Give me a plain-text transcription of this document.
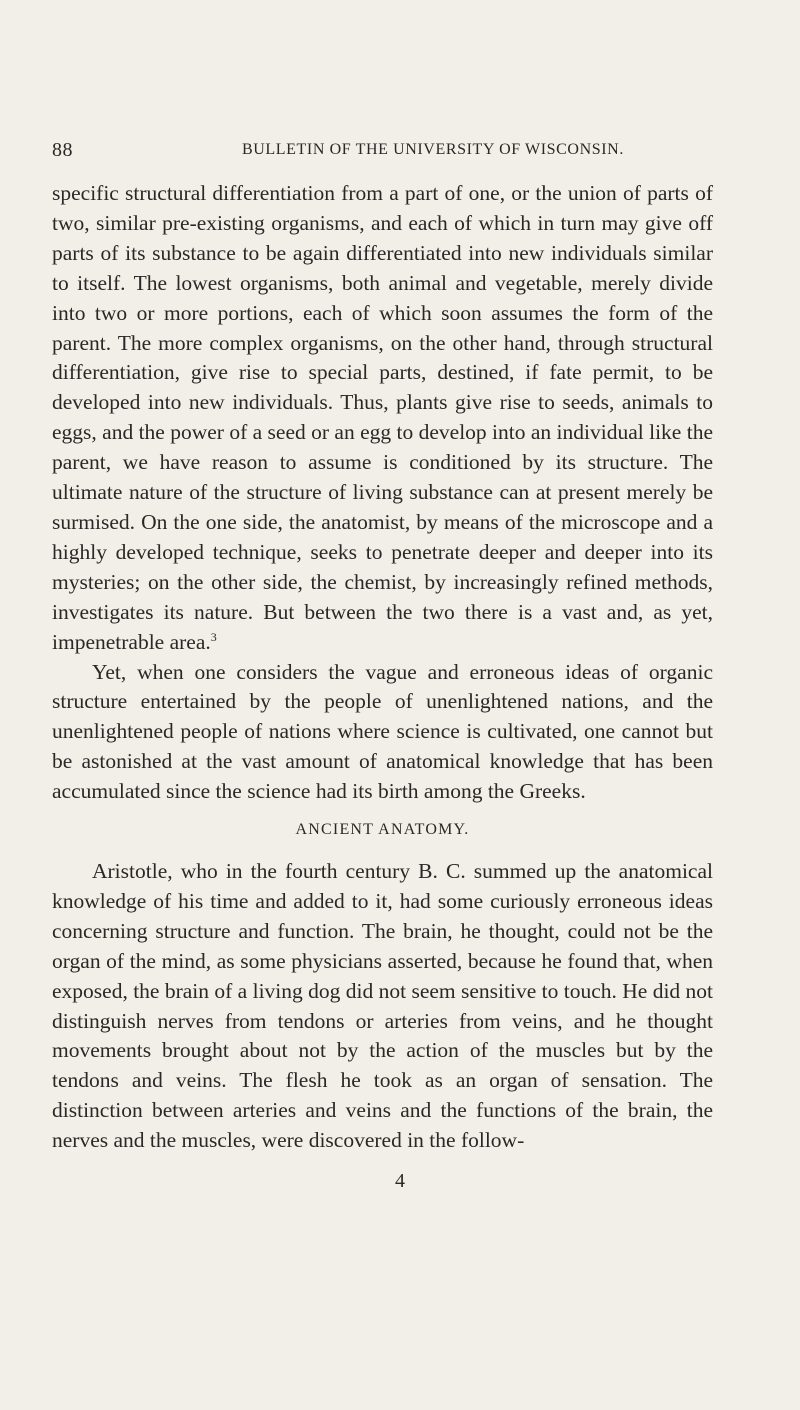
88	BULLETIN OF THE UNIVERSITY OF WISCONSIN.

specific structural differentiation from a part of one, or the union of parts of two, similar pre-existing organisms, and each of which in turn may give off parts of its substance to be again differentiated into new individuals similar to itself. The lowest organisms, both animal and vegetable, merely divide into two or more portions, each of which soon assumes the form of the parent. The more complex organisms, on the other hand, through structural differentiation, give rise to special parts, destined, if fate permit, to be developed into new individuals. Thus, plants give rise to seeds, animals to eggs, and the power of a seed or an egg to develop into an individual like the parent, we have reason to assume is conditioned by its structure. The ultimate nature of the structure of living substance can at present merely be surmised. On the one side, the anatomist, by means of the microscope and a highly developed technique, seeks to penetrate deeper and deeper into its mysteries; on the other side, the chemist, by increasingly refined methods, investigates its nature. But between the two there is a vast and, as yet, impenetrable area.$^3$

Yet, when one considers the vague and erroneous ideas of organic structure entertained by the people of unenlightened nations, and the unenlightened people of nations where science is cultivated, one cannot but be astonished at the vast amount of anatomical knowledge that has been accumulated since the science had its birth among the Greeks.

ANCIENT ANATOMY.

Aristotle, who in the fourth century B. C. summed up the anatomical knowledge of his time and added to it, had some curiously erroneous ideas concerning structure and function. The brain, he thought, could not be the organ of the mind, as some physicians asserted, because he found that, when exposed, the brain of a living dog did not seem sensitive to touch. He did not distinguish nerves from tendons or arteries from veins, and he thought movements brought about not by the action of the muscles but by the tendons and veins. The flesh he took as an organ of sensation. The distinction between arteries and veins and the functions of the brain, the nerves and the muscles, were discovered in the follow-

4
